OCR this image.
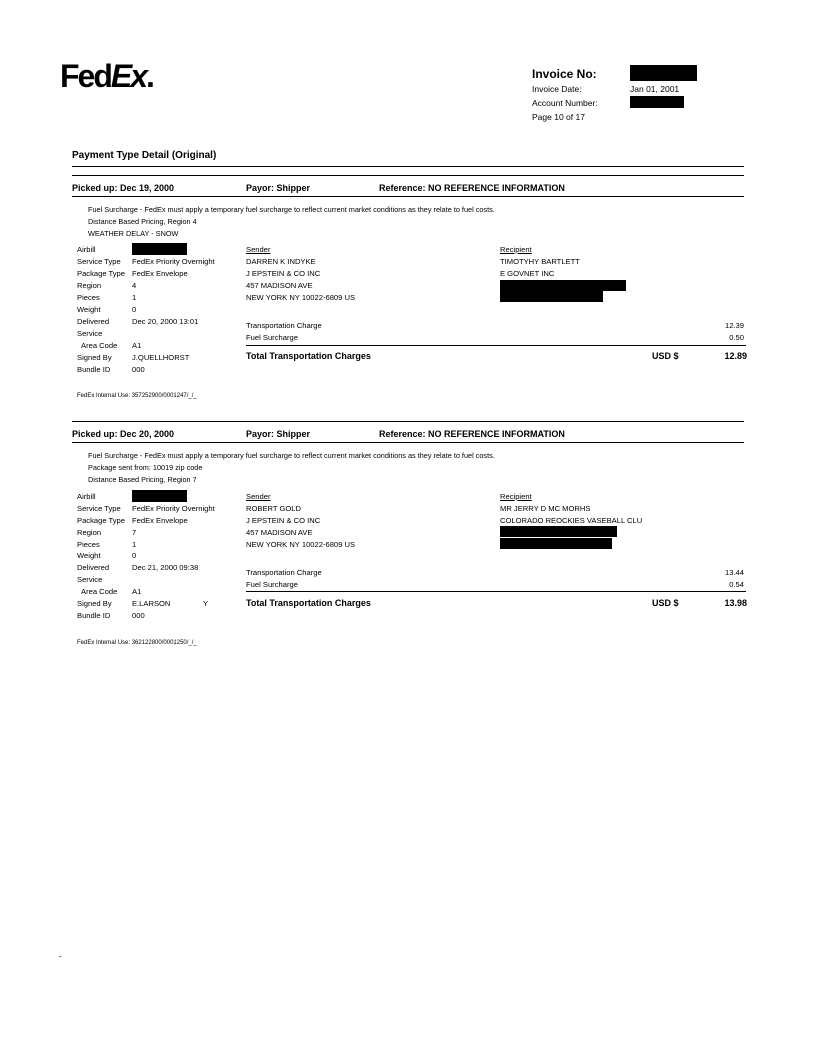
FedEx.	Invoice No:
Invoice Date:	Jan 01, 2001
Account Number:
Page 10 of 17
Payment Type Detail (Original)
Picked up: Dec 19, 2000	Payor: Shipper	Reference: NO REFERENCE INFORMATION
Fuel Surcharge - FedEx must apply a temporary fuel surcharge to reflect current market conditions as they relate to fuel costs.
Distance Based Pricing, Region 4
WEATHER DELAY - SNOW
Airbill
Service Type FedEx Priority Overnight
Package Type FedEx Envelope
Region	4
Pieces	1
Weight	0
Delivered	Dec 20, 2000 13:01
Service
Area Code A1
Signed By	J.QUELLHORST
Bundle ID	000
Sender
DARREN K INDYKE
J EPSTEIN & CO INC
457 MADISON AVE
NEW YORK NY 10022-6809 US
Recipient
TIMOTYHY BARTLETT
E GOVNET INC
Transportation Charge	12.39
Fuel Surcharge	0.50
Total Transportation Charges	USD $	12.89
FedEx Internal Use: 357252900/0001247/_/_
Picked up: Dec 20, 2000	Payor: Shipper	Reference: NO REFERENCE INFORMATION
Fuel Surcharge - FedEx must apply a temporary fuel surcharge to reflect current market conditions as they relate to fuel costs.
Package sent from: 10019 zip code
Distance Based Pricing, Region 7
Airbill
Service Type FedEx Priority Overnight
Package Type FedEx Envelope
Region	7
Pieces	1
Weight	0
Delivered	Dec 21, 2000 09:38
Service
Area Code A1
Signed By	E.LARSON	Y
Bundle ID	000
Sender
ROBERT GOLD
J EPSTEIN & CO INC
457 MADISON AVE
NEW YORK NY 10022-6809 US
Recipient
MR JERRY D MC MORHS
COLORADO REOCKIES VASEBALL CLU
Transportation Charge	13.44
Fuel Surcharge	0.54
Total Transportation Charges	USD $	13.98
FedEx Internal Use: 362122800/0001250/_/_
-
